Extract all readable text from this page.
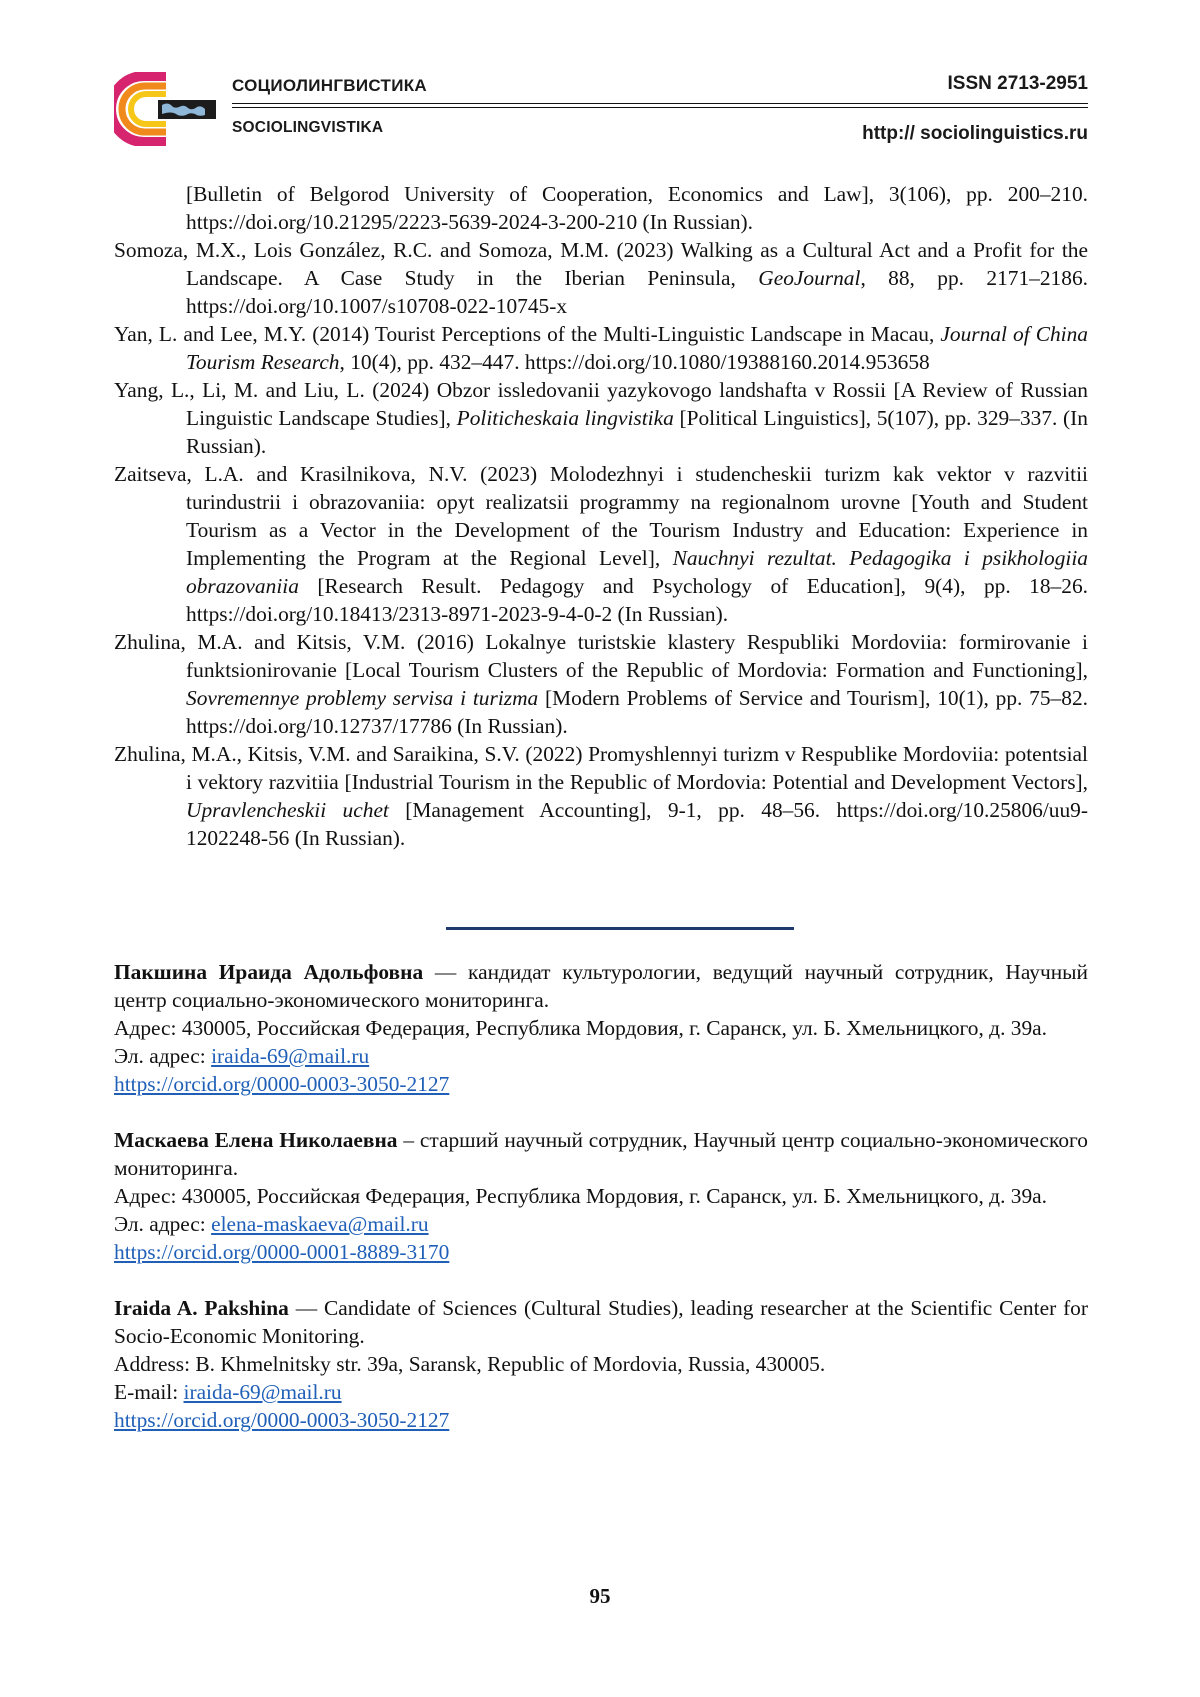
СОЦИОЛИНГВИСТИКА
SOCIOLINGVISTIKA
ISSN 2713-2951
http:// sociolinguistics.ru

[Bulletin of Belgorod University of Cooperation, Economics and Law], 3(106), pp. 200–210. https://doi.org/10.21295/2223-5639-2024-3-200-210 (In Russian).

Somoza, M.X., Lois González, R.C. and Somoza, M.M. (2023) Walking as a Cultural Act and a Profit for the Landscape. A Case Study in the Iberian Peninsula, GeoJournal, 88, pp. 2171–2186. https://doi.org/10.1007/s10708-022-10745-x

Yan, L. and Lee, M.Y. (2014) Tourist Perceptions of the Multi-Linguistic Landscape in Macau, Journal of China Tourism Research, 10(4), pp. 432–447. https://doi.org/10.1080/19388160.2014.953658

Yang, L., Li, M. and Liu, L. (2024) Obzor issledovanii yazykovogo landshafta v Rossii [A Review of Russian Linguistic Landscape Studies], Politicheskaia lingvistika [Political Linguistics], 5(107), pp. 329–337. (In Russian).

Zaitseva, L.A. and Krasilnikova, N.V. (2023) Molodezhnyi i studencheskii turizm kak vektor v razvitii turindustrii i obrazovaniia: opyt realizatsii programmy na regionalnom urovne [Youth and Student Tourism as a Vector in the Development of the Tourism Industry and Education: Experience in Implementing the Program at the Regional Level], Nauchnyi rezultat. Pedagogika i psikhologiia obrazovaniia [Research Result. Pedagogy and Psychology of Education], 9(4), pp. 18–26. https://doi.org/10.18413/2313-8971-2023-9-4-0-2 (In Russian).

Zhulina, M.A. and Kitsis, V.M. (2016) Lokalnye turistskie klastery Respubliki Mordoviia: formirovanie i funktsionirovanie [Local Tourism Clusters of the Republic of Mordovia: Formation and Functioning], Sovremennye problemy servisa i turizma [Modern Problems of Service and Tourism], 10(1), pp. 75–82. https://doi.org/10.12737/17786 (In Russian).

Zhulina, M.A., Kitsis, V.M. and Saraikina, S.V. (2022) Promyshlennyi turizm v Respublike Mordoviia: potentsial i vektory razvitiia [Industrial Tourism in the Republic of Mordovia: Potential and Development Vectors], Upravlencheskii uchet [Management Accounting], 9-1, pp. 48–56. https://doi.org/10.25806/uu9-1202248-56 (In Russian).

Пакшина Ираида Адольфовна — кандидат культурологии, ведущий научный сотрудник, Научный центр социально-экономического мониторинга.

Адрес: 430005, Российская Федерация, Республика Мордовия, г. Саранск, ул. Б. Хмельницкого, д. 39а.

Эл. адрес: iraida-69@mail.ru

https://orcid.org/0000-0003-3050-2127

Маскаева Елена Николаевна – старший научный сотрудник, Научный центр социально-экономического мониторинга.

Адрес: 430005, Российская Федерация, Республика Мордовия, г. Саранск, ул. Б. Хмельницкого, д. 39а.

Эл. адрес: elena-maskaeva@mail.ru

https://orcid.org/0000-0001-8889-3170

Iraida A. Pakshina — Candidate of Sciences (Cultural Studies), leading researcher at the Scientific Center for Socio-Economic Monitoring.

Address: B. Khmelnitsky str. 39a, Saransk, Republic of Mordovia, Russia, 430005.

E-mail: iraida-69@mail.ru

https://orcid.org/0000-0003-3050-2127

95
